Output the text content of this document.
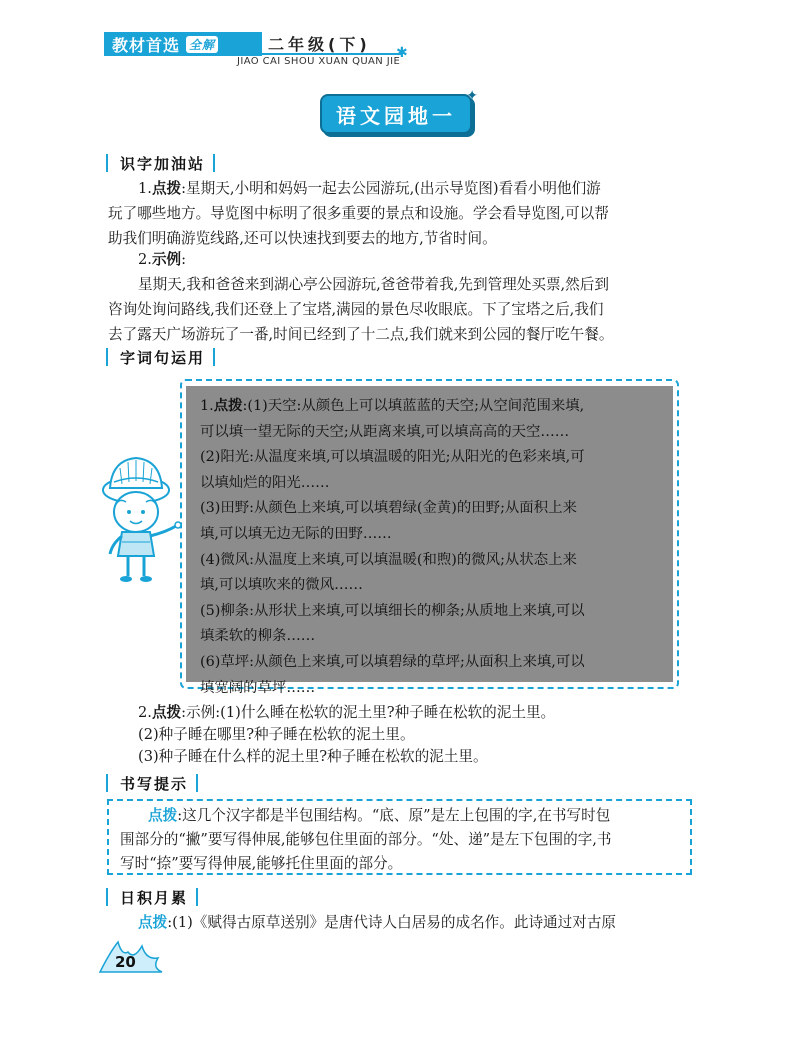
教材首选 全解	二年级(下) ✱
JIAO CAI SHOU XUAN QUAN JIE
语文园地一
✦
识字加油站
1.点拨:星期天,小明和妈妈一起去公园游玩,(出示导览图)看看小明他们游
玩了哪些地方。导览图中标明了很多重要的景点和设施。学会看导览图,可以帮
助我们明确游览线路,还可以快速找到要去的地方,节省时间。
2.示例:
星期天,我和爸爸来到湖心亭公园游玩,爸爸带着我,先到管理处买票,然后到
咨询处询问路线,我们还登上了宝塔,满园的景色尽收眼底。下了宝塔之后,我们
去了露天广场游玩了一番,时间已经到了十二点,我们就来到公园的餐厅吃午餐。
字词句运用
1.点拨:(1)天空:从颜色上可以填蓝蓝的天空;从空间范围来填,
可以填一望无际的天空;从距离来填,可以填高高的天空……
(2)阳光:从温度来填,可以填温暖的阳光;从阳光的色彩来填,可
以填灿烂的阳光……
(3)田野:从颜色上来填,可以填碧绿(金黄)的田野;从面积上来
填,可以填无边无际的田野……
(4)微风:从温度上来填,可以填温暖(和煦)的微风;从状态上来
填,可以填吹来的微风……
(5)柳条:从形状上来填,可以填细长的柳条;从质地上来填,可以
填柔软的柳条……
(6)草坪:从颜色上来填,可以填碧绿的草坪;从面积上来填,可以
填宽阔的草坪……
2.点拨:示例:(1)什么睡在松软的泥土里?种子睡在松软的泥土里。
(2)种子睡在哪里?种子睡在松软的泥土里。
(3)种子睡在什么样的泥土里?种子睡在松软的泥土里。
书写提示
点拨:这几个汉字都是半包围结构。“底、原”是左上包围的字,在书写时包
围部分的“撇”要写得伸展,能够包住里面的部分。“处、递”是左下包围的字,书
写时“捺”要写得伸展,能够托住里面的部分。
日积月累
点拨:(1)《赋得古原草送别》是唐代诗人白居易的成名作。此诗通过对古原
20
